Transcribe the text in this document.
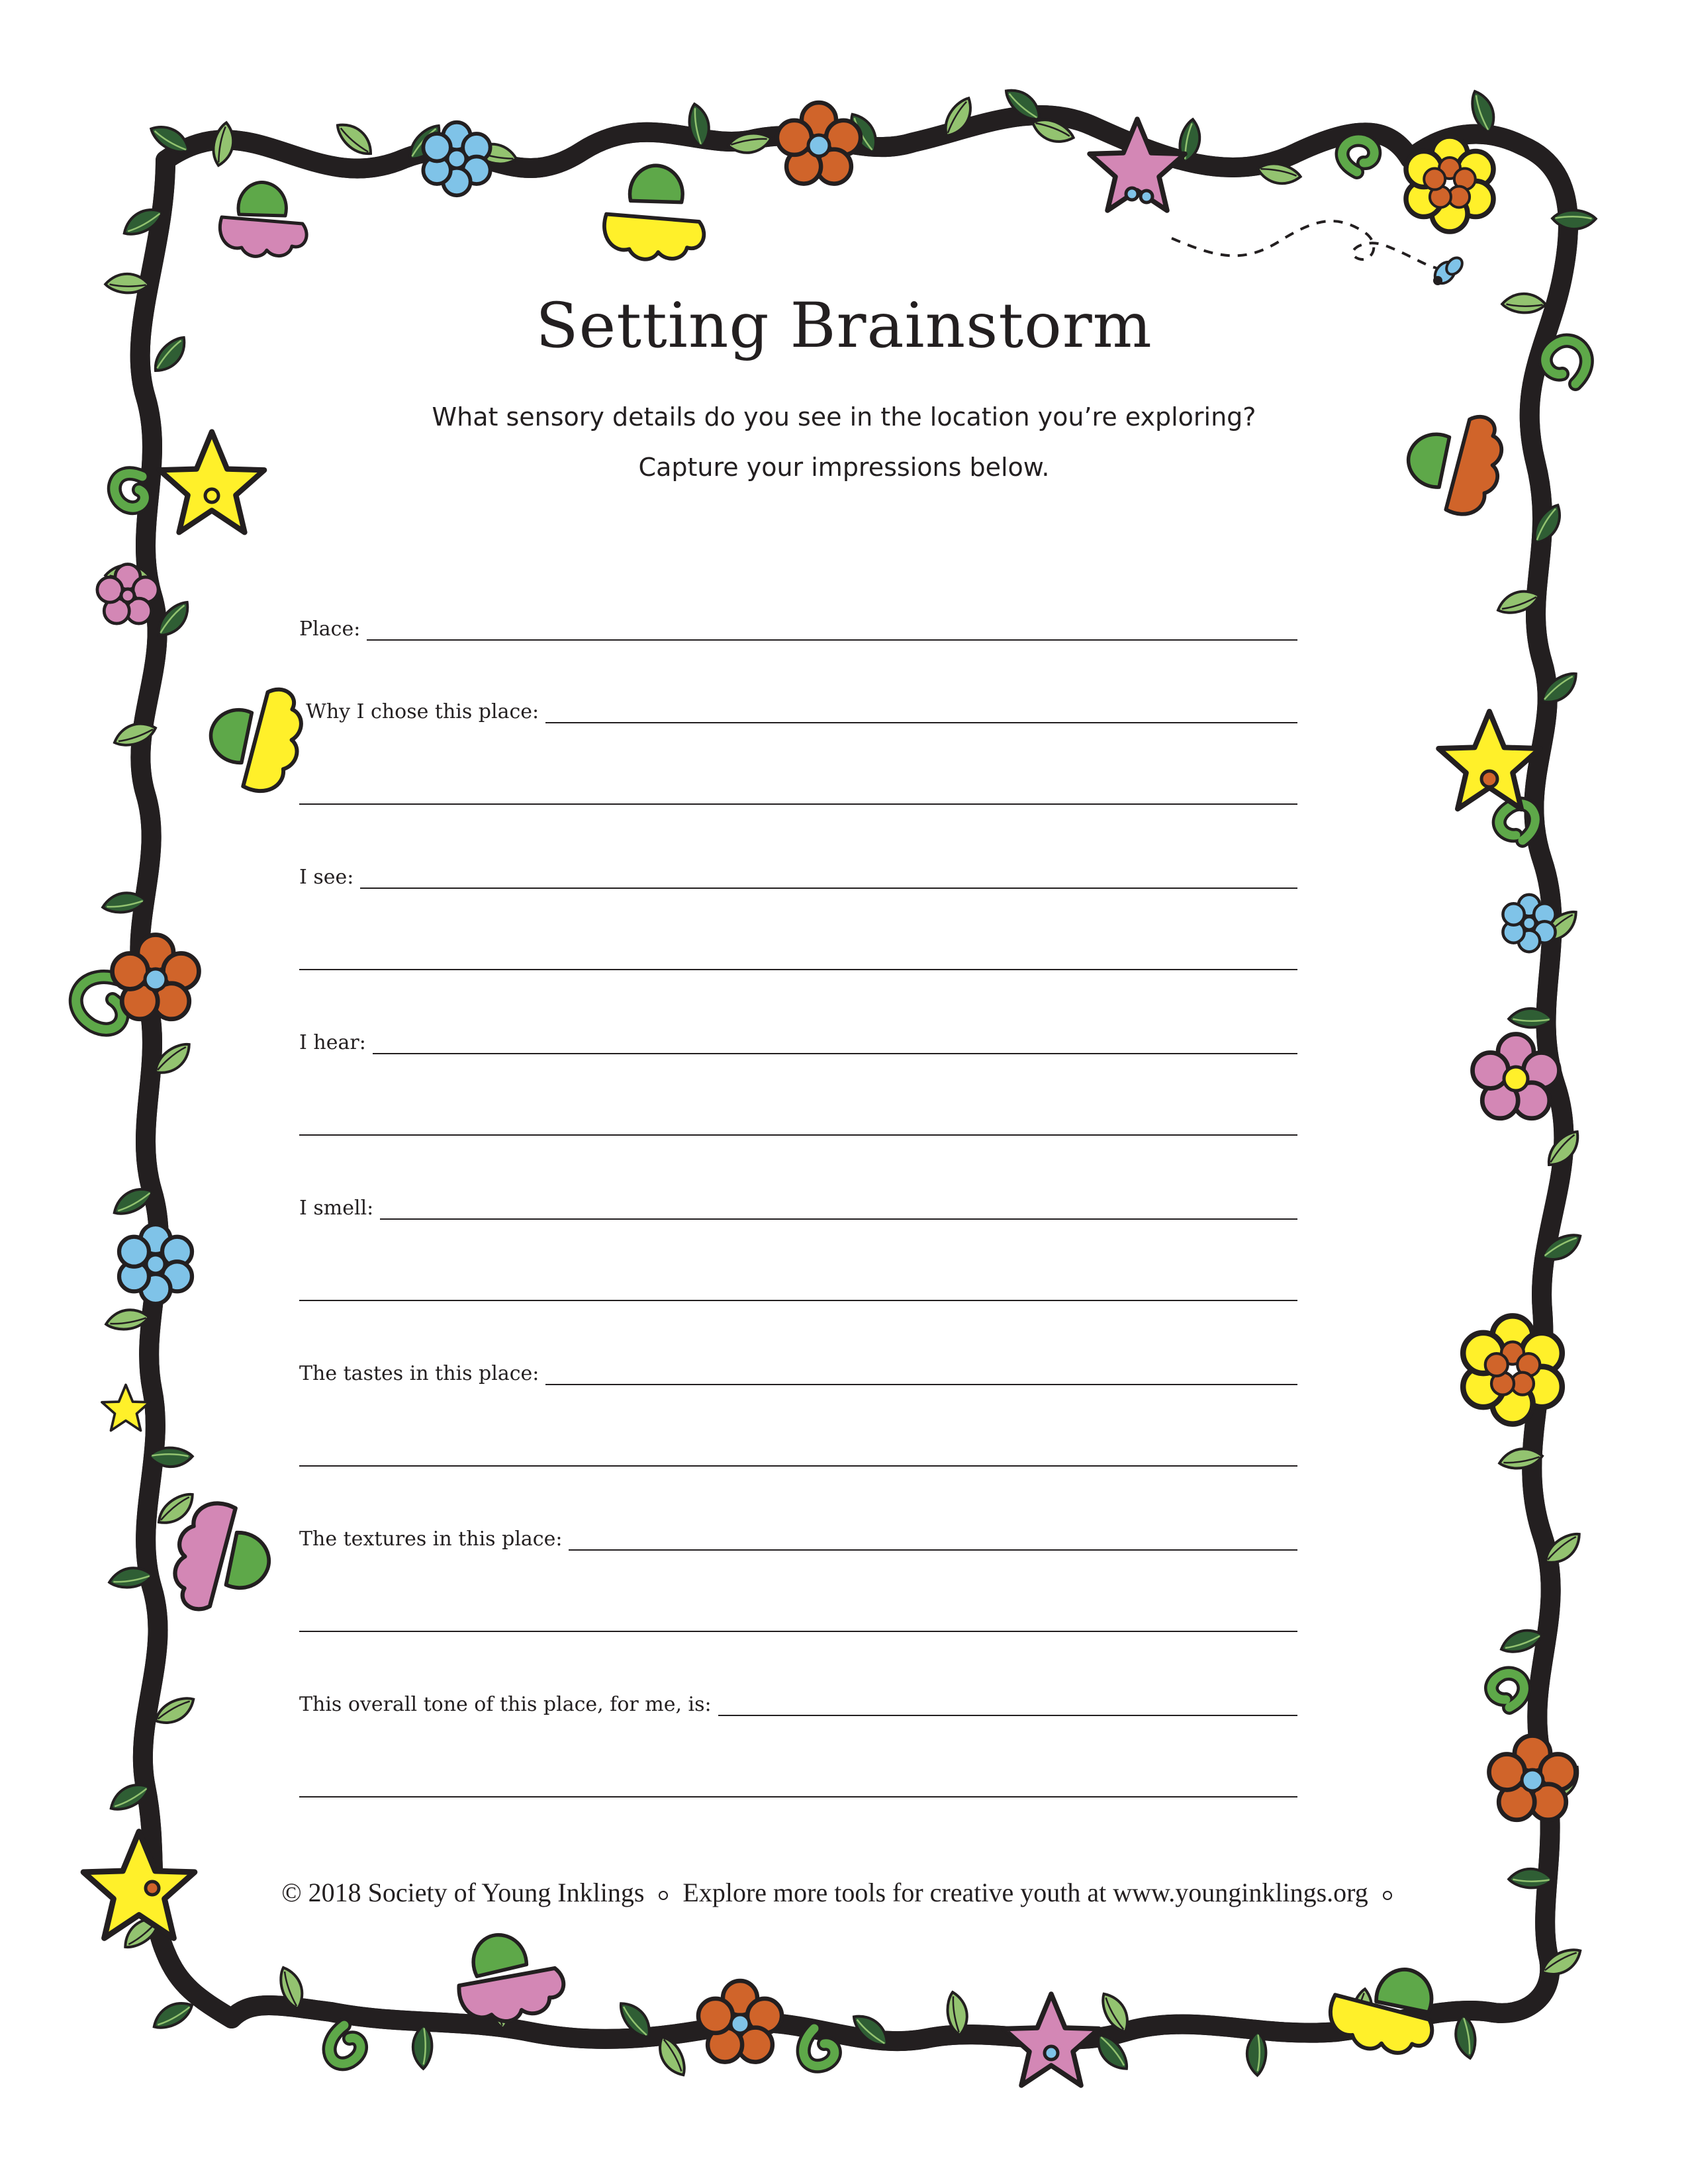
Setting Brainstorm
What sensory details do you see in the location you’re exploring?
Capture your impressions below.
Place:
Why I chose this place:
I see:
I hear:
I smell:
The tastes in this place:
The textures in this place:
This overall tone of this place, for me, is:
© 2018 Society of Young Inklings Explore more tools for creative youth at www.younginklings.org
